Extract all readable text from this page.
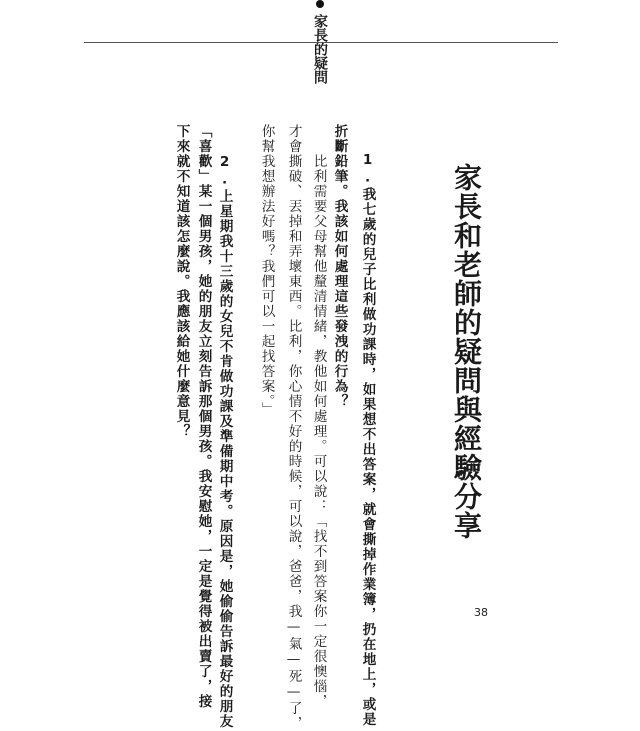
家長和老師的疑問與經驗分享
家長的疑問
1.我七歲的兒子比利做功課時，如果想不出答案，就會撕掉作業簿，扔在地上，或是
折斷鉛筆。我該如何處理這些發洩的行為？
比利需要父母幫他釐清情緒，教他如何處理。可以說：「找不到答案你一定很懊惱，
才會撕破、丟掉和弄壞東西。比利，你心情不好的時候，可以說，爸爸，我—氣—死—了，
你幫我想辦法好嗎？我們可以一起找答案。」
2.上星期我十三歲的女兒不肯做功課及準備期中考。原因是，她偷偷告訴最好的朋友
「喜歡」某一個男孩，她的朋友立刻告訴那個男孩。我安慰她，一定是覺得被出賣了，接
下來就不知道該怎麼說。我應該給她什麼意見？
38
